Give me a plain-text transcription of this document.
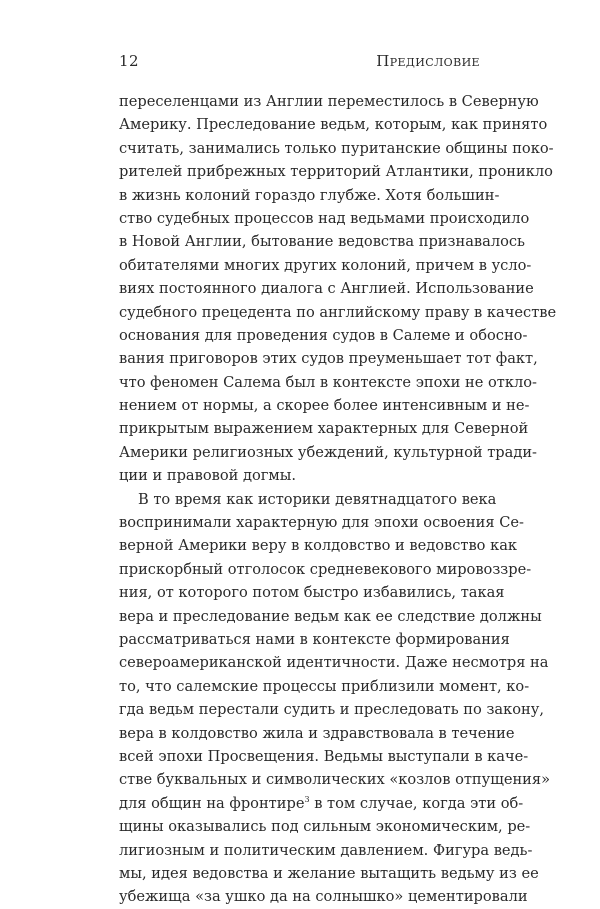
12	Предисловие
переселенцами из Англии переместилось в Северную
Америку. Преследование ведьм, которым, как принято
считать, занимались только пуританские общины поко-
рителей прибрежных территорий Атлантики, проникло
в жизнь колоний гораздо глубже. Хотя большин-
ство судебных процессов над ведьмами происходило
в Новой Англии, бытование ведовства признавалось
обитателями многих других колоний, причем в усло-
виях постоянного диалога с Англией. Использование
судебного прецедента по английскому праву в качестве
основания для проведения судов в Салеме и обосно-
вания приговоров этих судов преуменьшает тот факт,
что феномен Салема был в контексте эпохи не откло-
нением от нормы, а скорее более интенсивным и не-
прикрытым выражением характерных для Северной
Америки религиозных убеждений, культурной тради-
ции и правовой догмы.
В то время как историки девятнадцатого века
воспринимали характерную для эпохи освоения Се-
верной Америки веру в колдовство и ведовство как
прискорбный отголосок средневекового мировоззре-
ния, от которого потом быстро избавились, такая
вера и преследование ведьм как ее следствие должны
рассматриваться нами в контексте формирования
североамериканской идентичности. Даже несмотря на
то, что салемские процессы приблизили момент, ко-
гда ведьм перестали судить и преследовать по закону,
вера в колдовство жила и здравствовала в течение
всей эпохи Просвещения. Ведьмы выступали в каче-
стве буквальных и символических «козлов отпущения»
для общин на фронтире$^3$ в том случае, когда эти об-
щины оказывались под сильным экономическим, ре-
лигиозным и политическим давлением. Фигура ведь-
мы, идея ведовства и желание вытащить ведьму из ее
убежища «за ушко да на солнышко» цементировали
